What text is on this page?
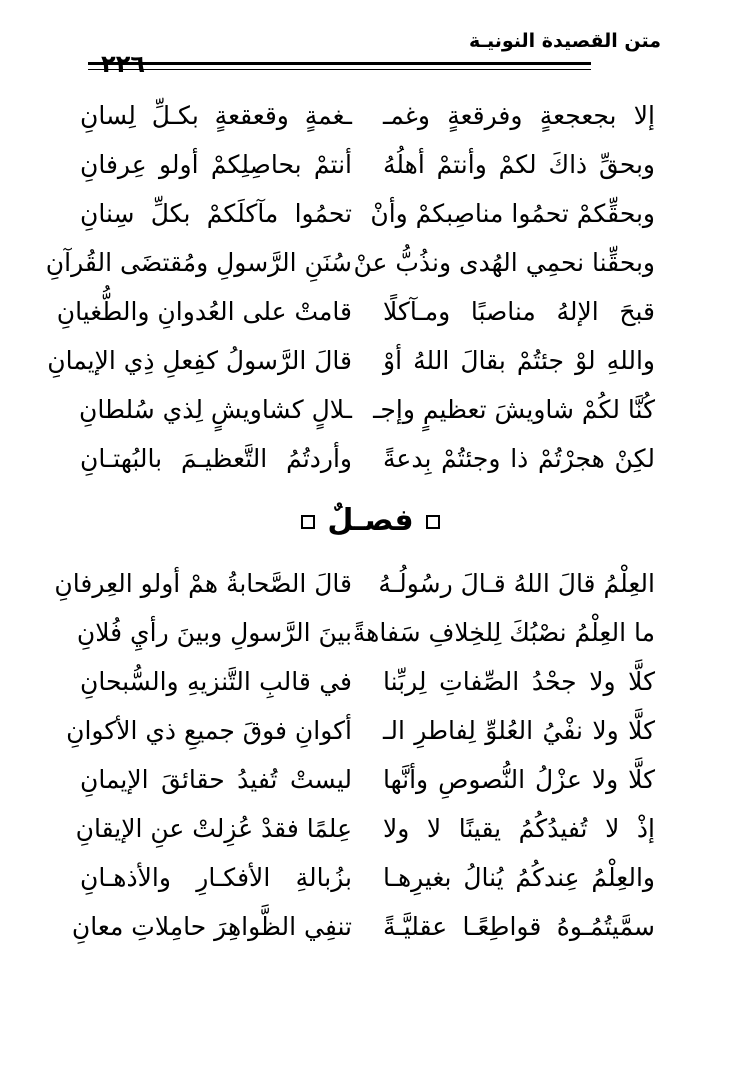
متن القصيدة النونيـة
٢٢٦
إلا بجعجعةٍ وفرقعةٍ وغمـ
ـغمةٍ وقعقعةٍ بكـلِّ لِسانِ
وبحقِّ ذاكَ لكمْ وأنتمْ أهلُهُ
أنتمْ بحاصِلِكمْ أولو عِرفانِ
وبحقِّكمْ تحمُوا مناصِبكمْ وأنْ
تحمُوا مآكلَكمْ بكلِّ سِنانِ
وبحقِّنا نحمِي الهُدى ونذُبُّ عنْ
سُنَنِ الرَّسولِ ومُقتضَى القُرآنِ
قبحَ الإلهُ مناصبًا ومـآكلًا
قامتْ على العُدوانِ والطُّغيانِ
واللهِ لوْ جئتُمْ بقالَ اللهُ أوْ
قالَ الرَّسولُ كفِعلِ ذِي الإيمانِ
كُنَّا لكُمْ شاويشَ تعظيمٍ وإجـ
ـلالٍ كشاويشٍ لِذي سُلطانِ
لكِنْ هجرْتُمْ ذا وجئتُمْ بِدعةً
وأردتُمُ التَّعظيـمَ بالبُهتـانِ
فصـلٌ
العِلْمُ قالَ اللهُ قـالَ رسُولُـهُ
قالَ الصَّحابةُ همْ أولو العِرفانِ
ما العِلْمُ نصْبُكَ لِلخِلافِ سَفاهةً
بينَ الرَّسولِ وبينَ رأيِ فُلانِ
كلَّا ولا جحْدُ الصِّفاتِ لِربِّنا
في قالبِ التَّنزيهِ والسُّبحانِ
كلَّا ولا نفْيُ العُلوِّ لِفاطرِ الـ
أكوانِ فوقَ جميعِ ذي الأكوانِ
كلَّا ولا عزْلُ النُّصوصِ وأنَّها
ليستْ تُفيدُ حقائقَ الإيمانِ
إذْ لا تُفيدُكُمُ يقينًا لا ولا
عِلمًا فقدْ عُزِلتْ عنِ الإيقانِ
والعِلْمُ عِندكُمُ يُنالُ بغيرِهـا
بزُبالةِ الأفكـارِ والأذهـانِ
سمَّيتُمُـوهُ قواطِعًـا عقليَّـةً
تنفِي الظَّواهِرَ حامِلاتِ معانِ
